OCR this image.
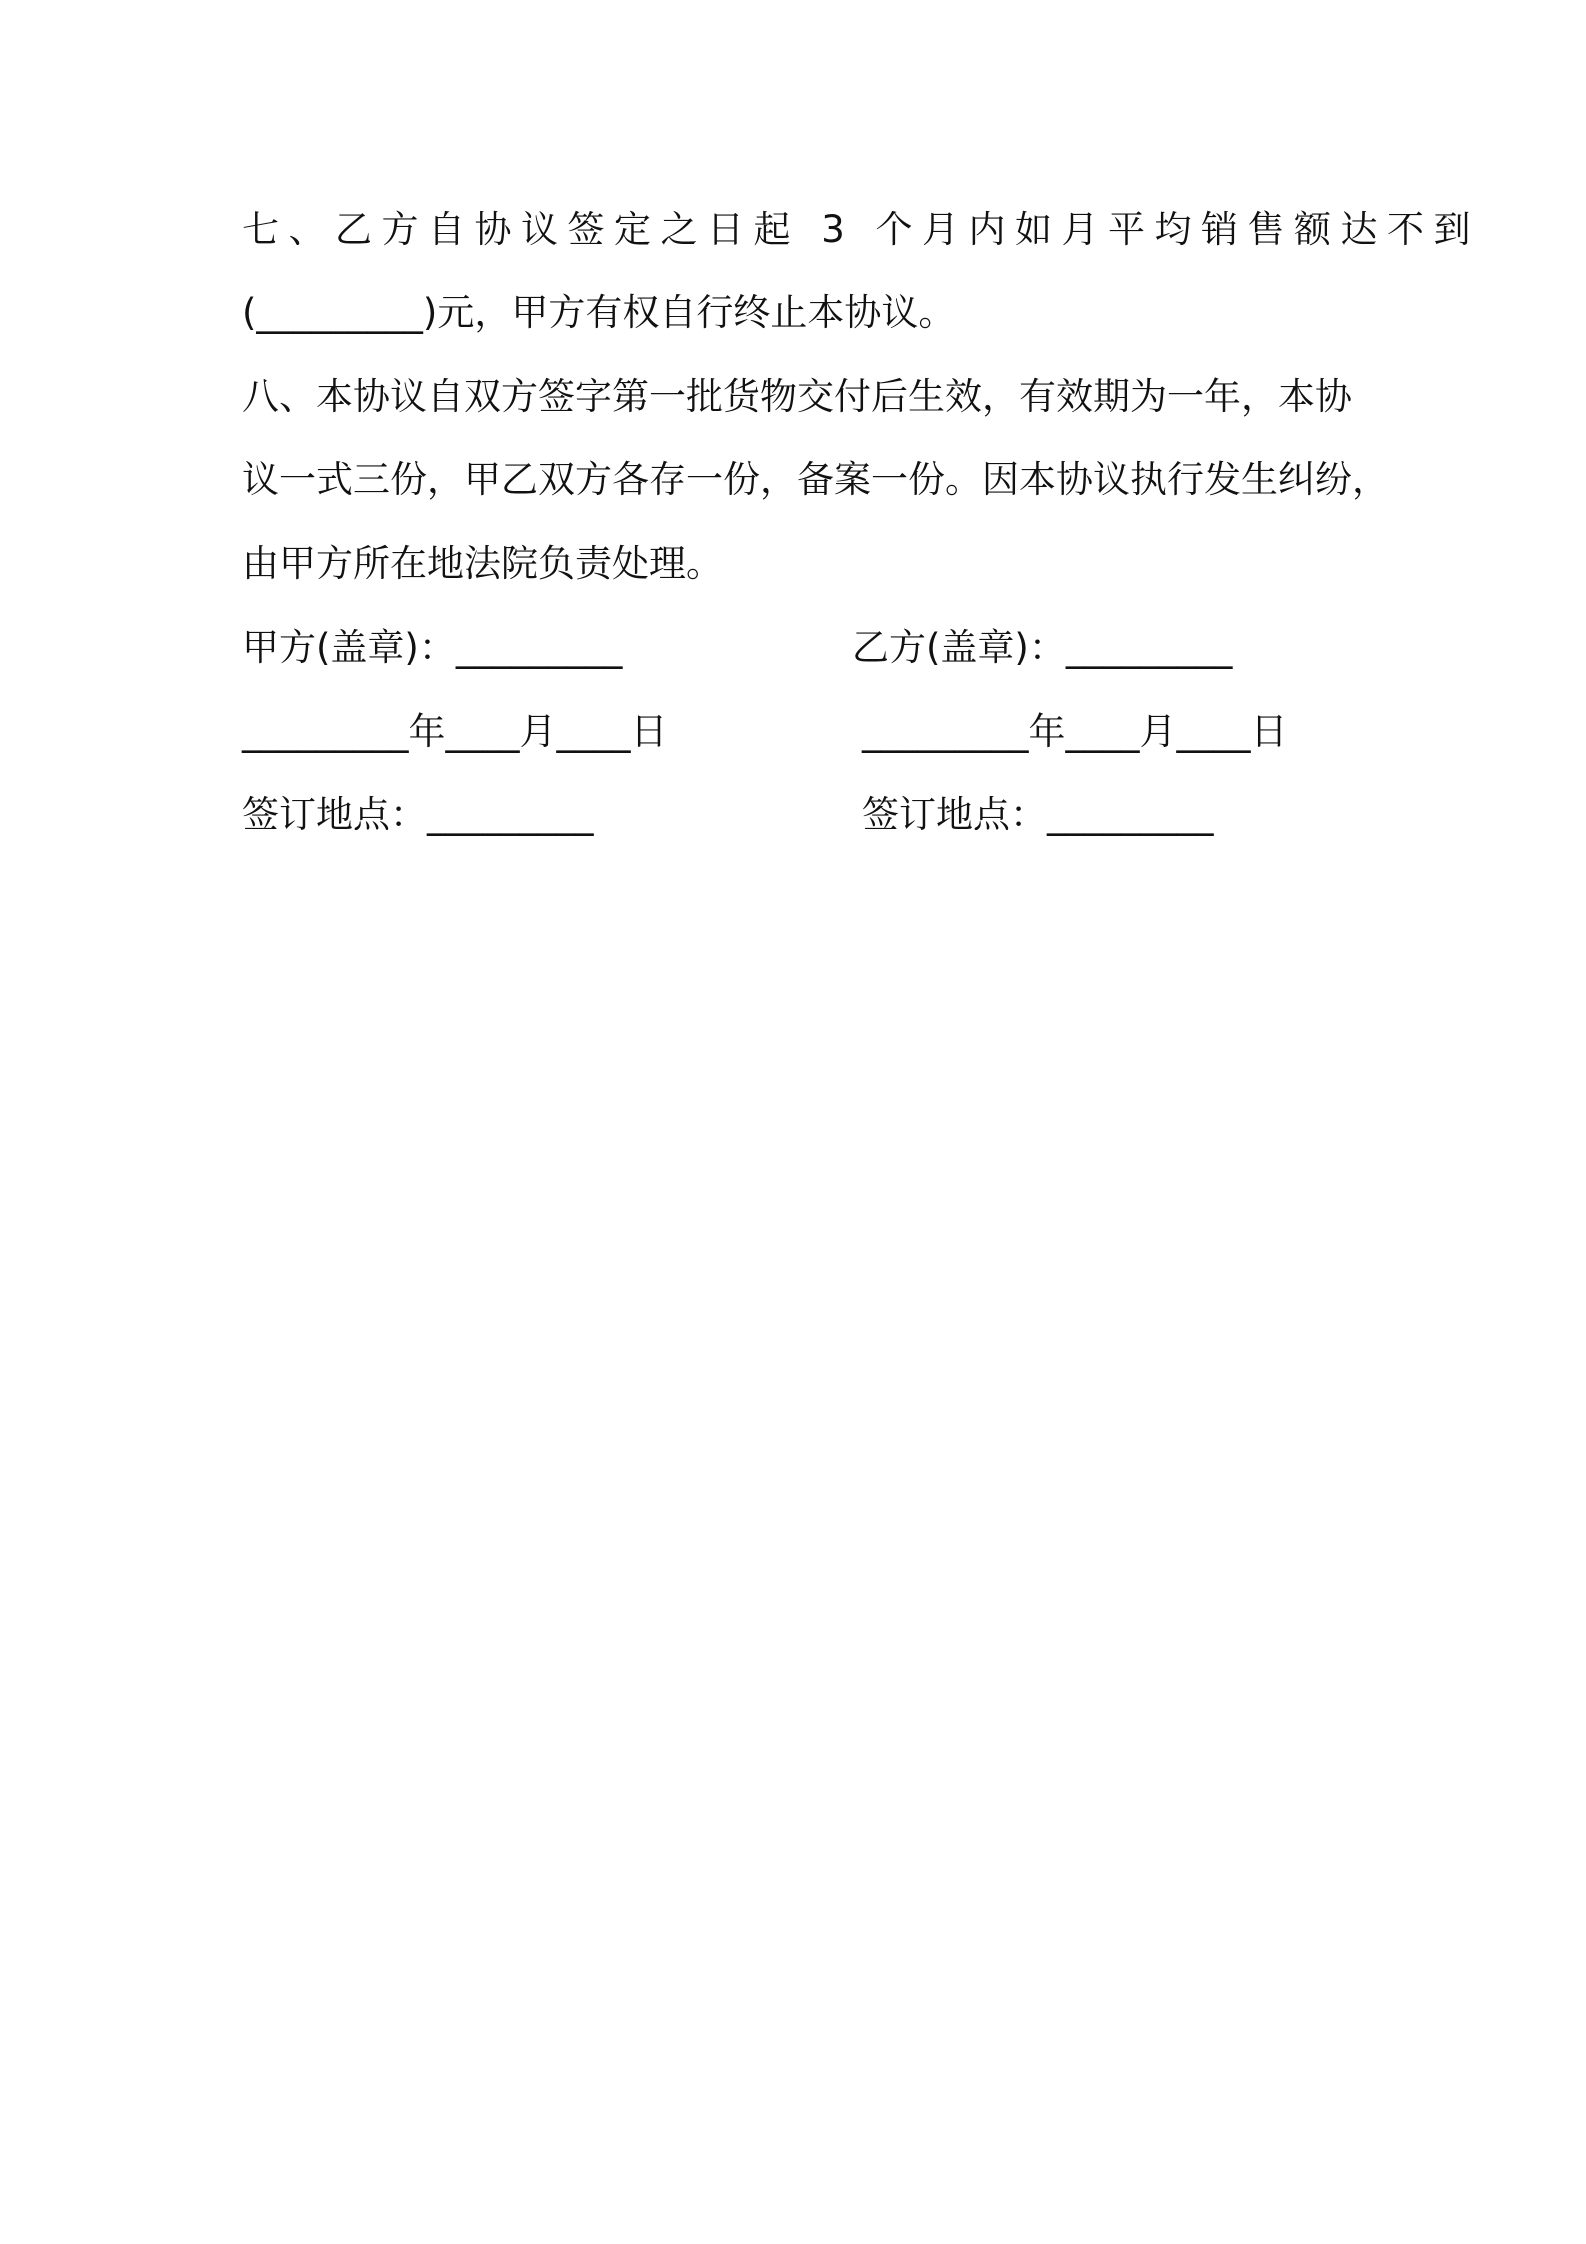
七、乙方自协议签定之日起 3 个月内如月平均销售额达不到
(_________)元，甲方有权自行终止本协议。
八、本协议自双方签字第一批货物交付后生效，有效期为一年，本协
议一式三份，甲乙双方各存一份，备案一份。因本协议执行发生纠纷，
由甲方所在地法院负责处理。
甲方(盖章)：_________	乙方(盖章)：_________
_________年____月____日	_________年____月____日
签订地点：_________	签订地点：_________
